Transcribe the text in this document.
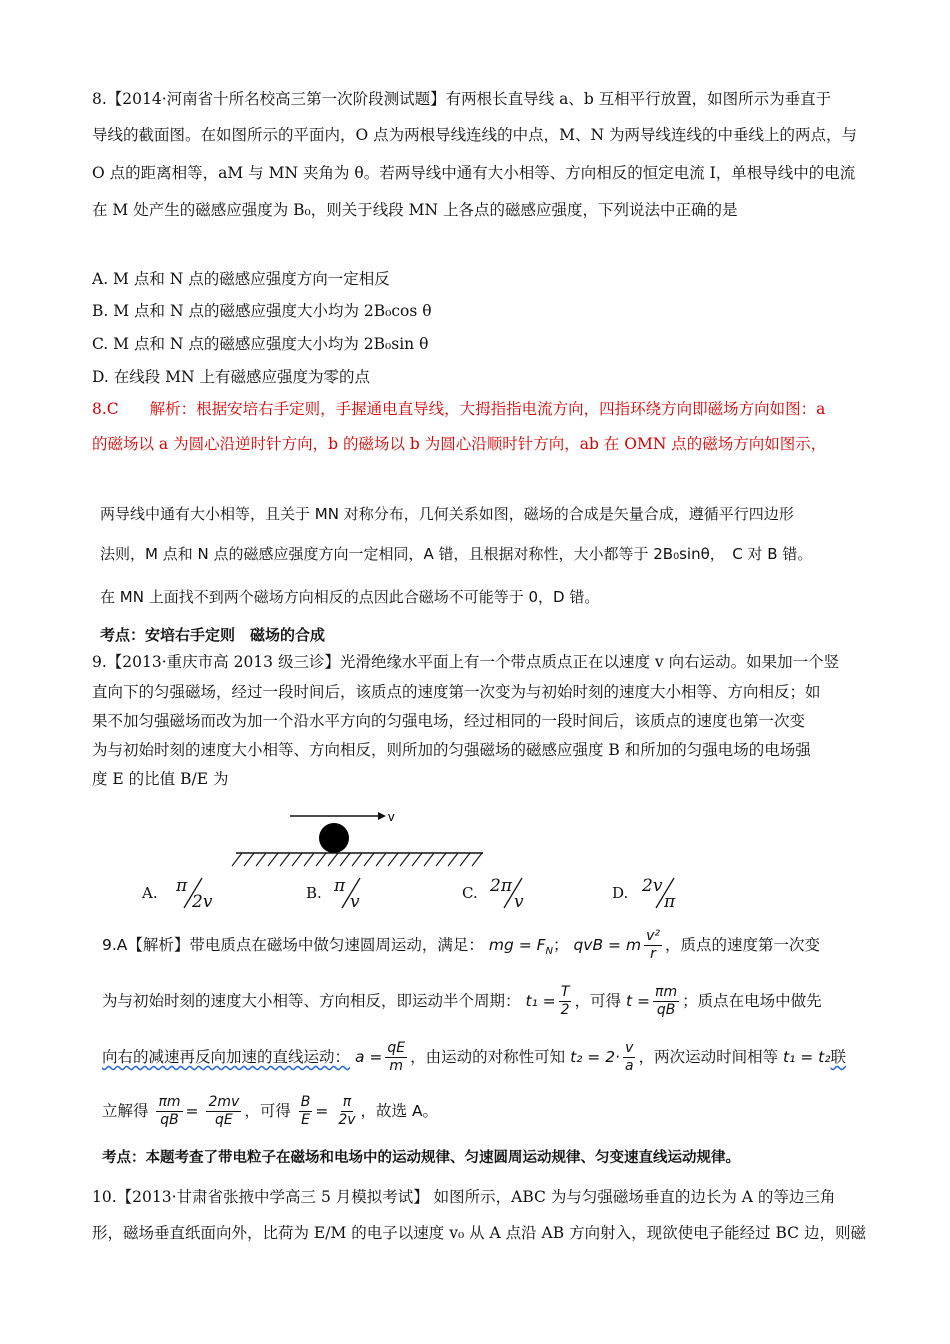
8.【2014·河南省十所名校高三第一次阶段测试题】有两根长直导线 a、b 互相平行放置，如图所示为垂直于
导线的截面图。在如图所示的平面内，O 点为两根导线连线的中点，M、N 为两导线连线的中垂线上的两点，与
O 点的距离相等，aM 与 MN 夹角为 θ。若两导线中通有大小相等、方向相反的恒定电流 I，单根导线中的电流
在 M 处产生的磁感应强度为 B₀，则关于线段 MN 上各点的磁感应强度，下列说法中正确的是
A. M 点和 N 点的磁感应强度方向一定相反
B. M 点和 N 点的磁感应强度大小均为 2B₀cos θ
C. M 点和 N 点的磁感应强度大小均为 2B₀sin θ
D. 在线段 MN 上有磁感应强度为零的点
8.C　　解析：根据安培右手定则，手握通电直导线，大拇指指电流方向，四指环绕方向即磁场方向如图：a
的磁场以 a 为圆心沿逆时针方向，b 的磁场以 b 为圆心沿顺时针方向，ab 在 OMN 点的磁场方向如图示，
两导线中通有大小相等，且关于 MN 对称分布，几何关系如图，磁场的合成是矢量合成，遵循平行四边形
法则，M 点和 N 点的磁感应强度方向一定相同，A 错，且根据对称性，大小都等于 2B₀sinθ，　C 对 B 错。
在 MN 上面找不到两个磁场方向相反的点因此合磁场不可能等于 0，D 错。
考点：安培右手定则　磁场的合成
9.【2013·重庆市高 2013 级三诊】光滑绝缘水平面上有一个带点质点正在以速度 v 向右运动。如果加一个竖
直向下的匀强磁场，经过一段时间后，该质点的速度第一次变为与初始时刻的速度大小相等、方向相反；如
果不加匀强磁场而改为加一个沿水平方向的匀强电场，经过相同的一段时间后，该质点的速度也第一次变
为与初始时刻的速度大小相等、方向相反，则所加的匀强磁场的磁感应强度 B 和所加的匀强电场的电场强
度 E 的比值 B/E 为
v
A. π
2v	B. π
v	C. 2π
v	D. 2v
π
9.A【解析】带电质点在磁场中做匀速圆周运动，满足： mg = $F_N$； qvB = m $\frac{\text{v²}}{r}$ ，质点的速度第一次变
为与初始时刻的速度大小相等、方向相反，即运动半个周期： $t_1 = \frac{T}{2}$ ，可得 $t = \frac{\pi m}{qB}$ ；质点在电场中做先
向右的减速再反向加速的直线运动： $a = \frac{qE}{m}$ ，由运动的对称性可知 $t_2 = 2\cdot \frac{v}{a}$ ，两次运动时间相等 t₁ = t₂联
立解得 $\frac{\pi m}{qB} = \frac{2mv}{qE}$ ，可得 $\frac{B}{E} = \frac{\pi}{2v}$ ，故选 A。
考点：本题考查了带电粒子在磁场和电场中的运动规律、匀速圆周运动规律、匀变速直线运动规律。
10.【2013·甘肃省张掖中学高三 5 月模拟考试】 如图所示，ABC 为与匀强磁场垂直的边长为 A 的等边三角
形，磁场垂直纸面向外，比荷为 E/M 的电子以速度 v₀ 从 A 点沿 AB 方向射入，现欲使电子能经过 BC 边，则磁
